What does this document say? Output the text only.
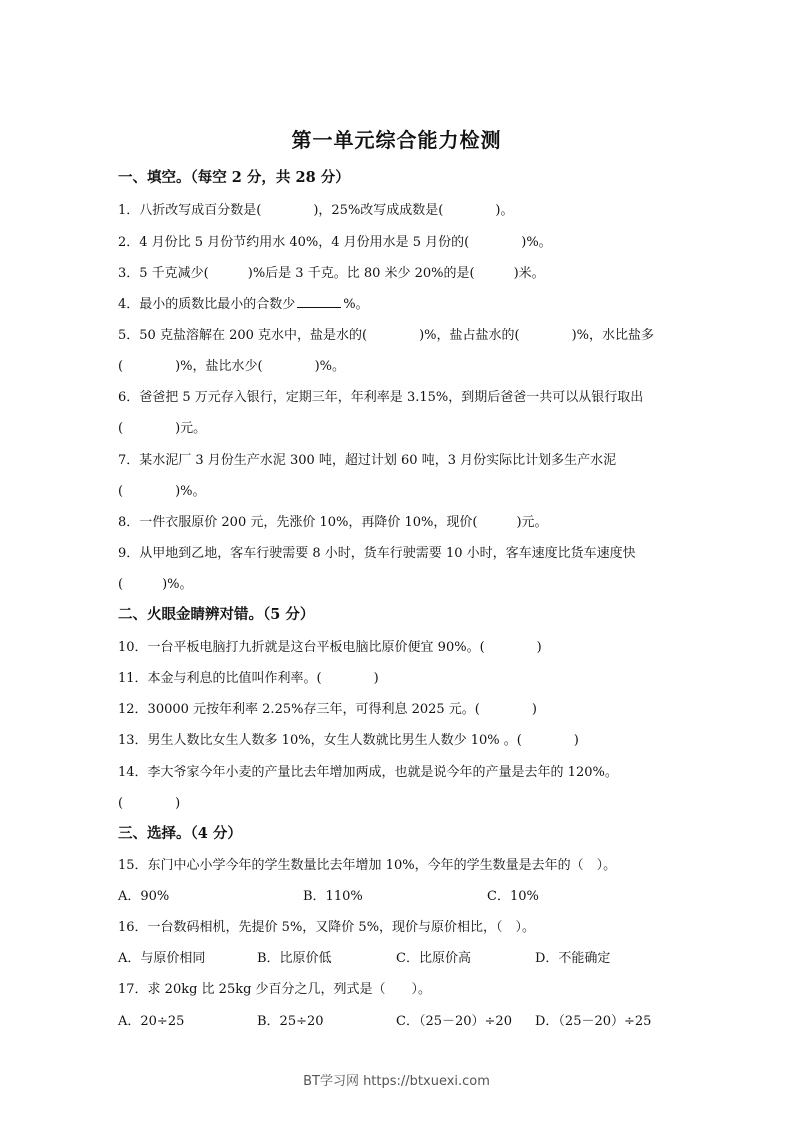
第一单元综合能力检测
一、填空。（每空 2 分，共 28 分）
1．八折改写成百分数是(　　　　)，25%改写成成数是(　　　　)。
2．4 月份比 5 月份节约用水 40%，4 月份用水是 5 月份的(　　　　)%。
3．5 千克减少(　　　)%后是 3 千克。比 80 米少 20%的是(　　　)米。
4．最小的质数比最小的合数少	%。
5．50 克盐溶解在 200 克水中，盐是水的(　　　　)%，盐占盐水的(　　　　)%，水比盐多
(　　　　)%，盐比水少(　　　　)%。
6．爸爸把 5 万元存入银行，定期三年，年利率是 3.15%，到期后爸爸一共可以从银行取出
(　　　　)元。
7．某水泥厂 3 月份生产水泥 300 吨，超过计划 60 吨，3 月份实际比计划多生产水泥
(　　　　)%。
8．一件衣服原价 200 元，先涨价 10%，再降价 10%，现价(　　　)元。
9．从甲地到乙地，客车行驶需要 8 小时，货车行驶需要 10 小时，客车速度比货车速度快
(　　　)%。
二、火眼金睛辨对错。（5 分）
10．一台平板电脑打九折就是这台平板电脑比原价便宜 90%。(　　　　)
11．本金与利息的比值叫作利率。(　　　　)
12．30000 元按年利率 2.25%存三年，可得利息 2025 元。(　　　　)
13．男生人数比女生人数多 10%，女生人数就比男生人数少 10% 。(　　　　)
14．李大爷家今年小麦的产量比去年增加两成，也就是说今年的产量是去年的 120%。
(　　　　)
三、选择。（4 分）
15．东门中心小学今年的学生数量比去年增加 10%，今年的学生数量是去年的（　）。
A．90%	B．110%	C．10%
16．一台数码相机，先提价 5%，又降价 5%，现价与原价相比，（　）。
A．与原价相同	B．比原价低	C．比原价高	D．不能确定
17．求 20kg 比 25kg 少百分之几，列式是（　　）。
A．20÷25	B．25÷20	C．（25－20）÷20 D．（25－20）÷25
BT学习网 https://btxuexi.com
